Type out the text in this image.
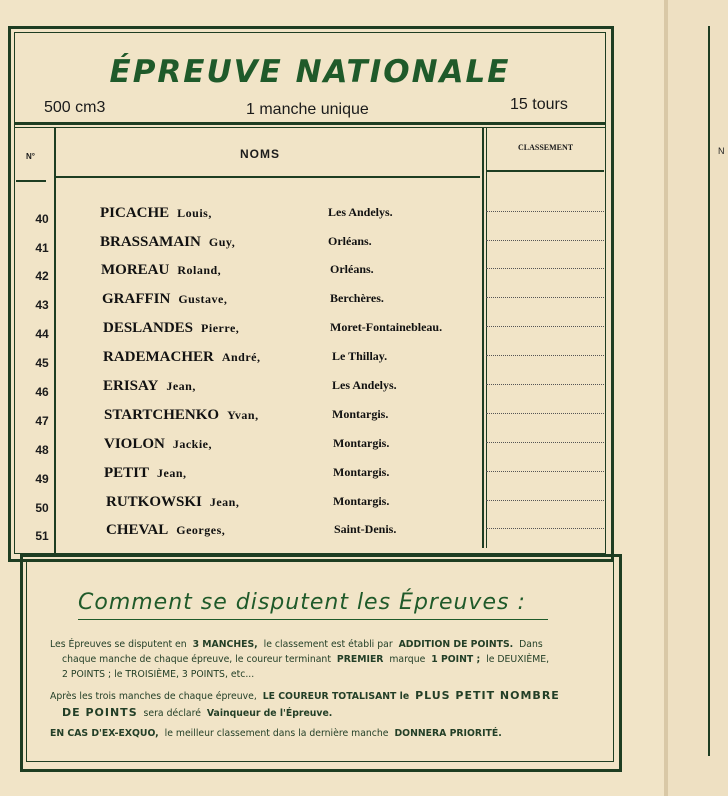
ÉPREUVE NATIONALE
500 cm3	1 manche unique	15 tours
N°	NOMS	CLASSEMENT
40	PICACHE Louis,	Les Andelys.
41	BRASSAMAIN Guy,	Orléans.
42	MOREAU Roland,	Orléans.
43	GRAFFIN Gustave,	Berchères.
44	DESLANDES Pierre,	Moret-Fontainebleau.
45	RADEMACHER André,	Le Thillay.
46	ERISAY Jean,	Les Andelys.
47	STARTCHENKO Yvan,	Montargis.
48	VIOLON Jackie,	Montargis.
49	PETIT Jean,	Montargis.
50	RUTKOWSKI Jean,	Montargis.
51	CHEVAL Georges,	Saint-Denis.
Comment se disputent les Épreuves :
Les Épreuves se disputent en 3 MANCHES, le classement est établi par ADDITION DE POINTS. Dans
chaque manche de chaque épreuve, le coureur terminant PREMIER marque 1 POINT ; le DEUXIÈME,
2 POINTS ; le TROISIÈME, 3 POINTS, etc...
Après les trois manches de chaque épreuve, LE COUREUR TOTALISANT le PLUS PETIT NOMBRE
DE POINTS sera déclaré Vainqueur de l'Épreuve.
EN CAS D'EX-EXQUO, le meilleur classement dans la dernière manche DONNERA PRIORITÉ.
N
